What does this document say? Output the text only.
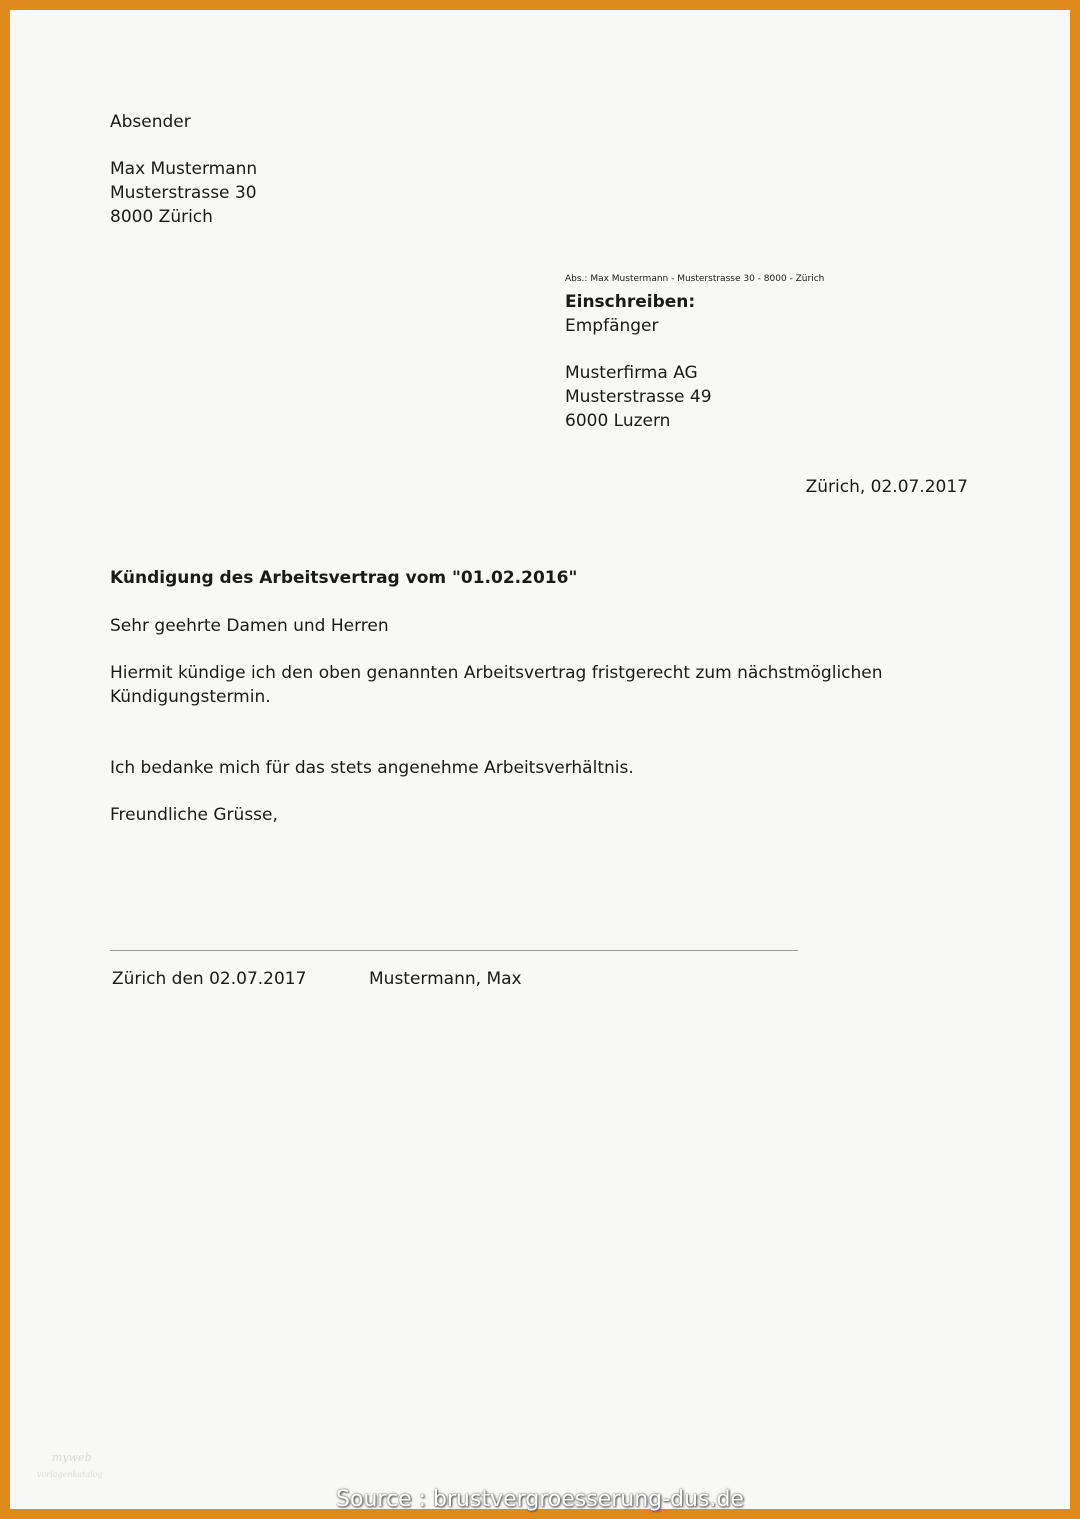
Absender

Max Mustermann

Musterstrasse 30

8000 Zürich

Abs.: Max Mustermann - Musterstrasse 30 - 8000 - Zürich

Einschreiben:

Empfänger

Musterfirma AG

Musterstrasse 49

6000 Luzern

Zürich, 02.07.2017

Kündigung des Arbeitsvertrag vom "01.02.2016"

Sehr geehrte Damen und Herren

Hiermit kündige ich den oben genannten Arbeitsvertrag fristgerecht zum nächstmöglichen

Kündigungstermin.

Ich bedanke mich für das stets angenehme Arbeitsverhältnis.

Freundliche Grüsse,

Zürich den 02.07.2017	Mustermann, Max

myweb
vorlagenkatalog
Source : brustvergroesserung-dus.de
